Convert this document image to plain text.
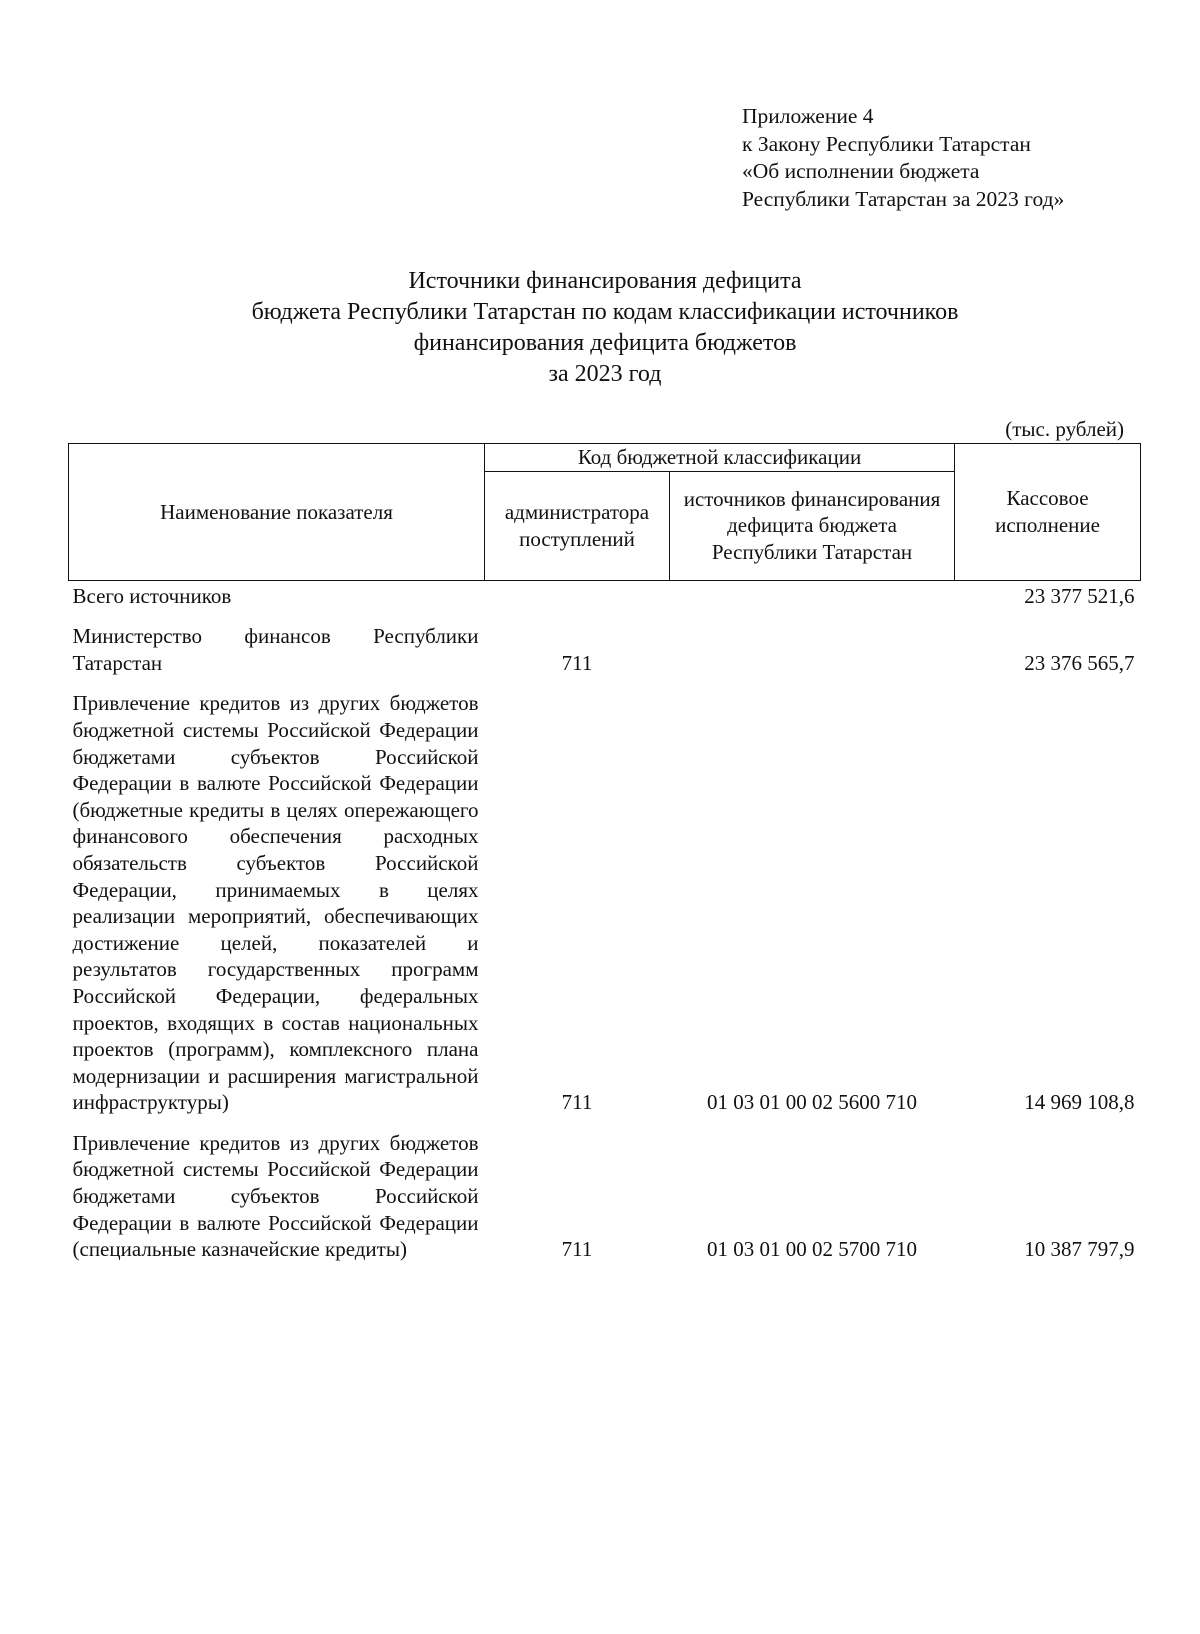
Приложение 4
к Закону Республики Татарстан
«Об исполнении бюджета
Республики Татарстан за 2023 год»
Источники финансирования дефицита
бюджета Республики Татарстан по кодам классификации источников
финансирования дефицита бюджетов
за 2023 год
(тыс. рублей)
Наименование показателя	Код бюджетной классификации		Кассовое исполнение
	администратора поступлений	источников финансирования дефицита бюджета Республики Татарстан	
Всего источников			23 377 521,6
Министерство финансов Республики Татарстан	711		23 376 565,7
Привлечение кредитов из других бюджетов бюджетной системы Российской Федерации бюджетами субъектов Российской Федерации в валюте Российской Федерации (бюджетные кредиты в целях опережающего финансового обеспечения расходных обязательств субъектов Российской Федерации, принимаемых в целях реализации мероприятий, обеспечивающих достижение целей, показателей и результатов государственных программ Российской Федерации, федеральных проектов, входящих в состав национальных проектов (программ), комплексного плана модернизации и расширения магистральной инфраструктуры)	711	01 03 01 00 02 5600 710	14 969 108,8
Привлечение кредитов из других бюджетов бюджетной системы Российской Федерации бюджетами субъектов Российской Федерации в валюте Российской Федерации (специальные казначейские кредиты)	711	01 03 01 00 02 5700 710	10 387 797,9
